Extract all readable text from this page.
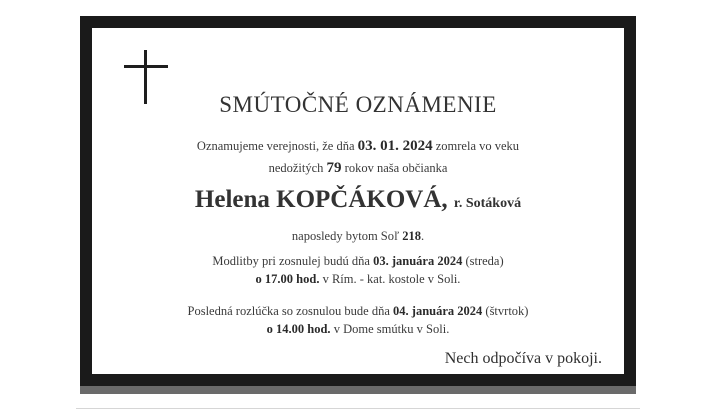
SMÚTOČNÉ OZNÁMENIE
Oznamujeme verejnosti, že dňa 03. 01. 2024 zomrela vo veku
nedožitých 79 rokov naša občianka
Helena KOPČÁKOVÁ, r. Sotáková
naposledy bytom Soľ 218.
Modlitby pri zosnulej budú dňa 03. januára 2024 (streda)
o 17.00 hod. v Rím. - kat. kostole v Soli.
Posledná rozlúčka so zosnulou bude dňa 04. januára 2024 (štvrtok)
o 14.00 hod. v Dome smútku v Soli.
Nech odpočíva v pokoji.
